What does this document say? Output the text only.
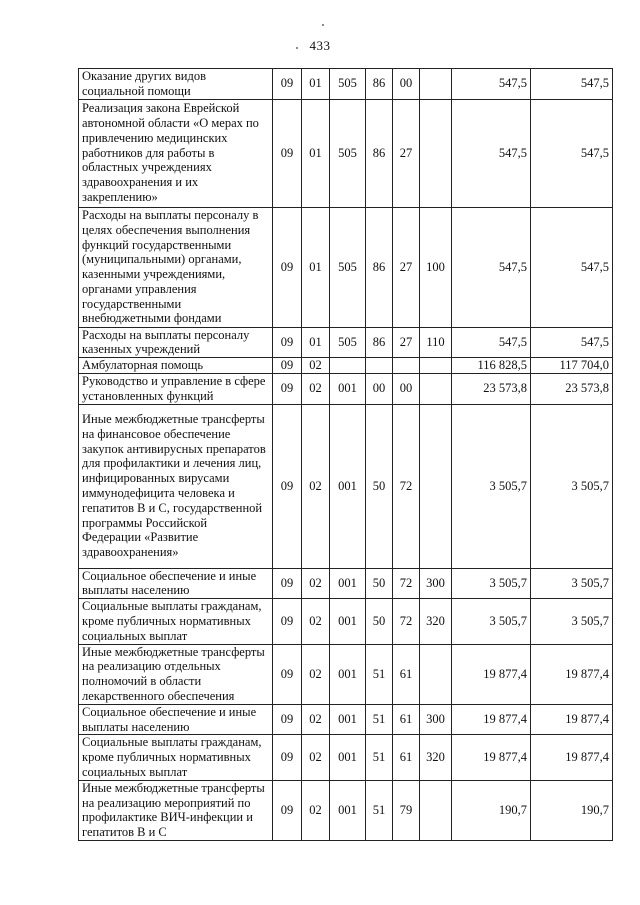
433
Оказание других видов социальной помощи	09	01	505	86	00		547,5	547,5
Реализация закона Еврейской автономной области «О мерах по привлечению медицинских работников для работы в областных учреждениях здравоохранения и их закреплению»	09	01	505	86	27		547,5	547,5
Расходы на выплаты персоналу в целях обеспечения выполнения функций государственными (муниципальными) органами, казенными учреждениями, органами управления государственными внебюджетными фондами	09	01	505	86	27	100	547,5	547,5
Расходы на выплаты персоналу казенных учреждений	09	01	505	86	27	110	547,5	547,5
Амбулаторная помощь	09	02					116 828,5	117 704,0
Руководство и управление в сфере установленных функций	09	02	001	00	00		23 573,8	23 573,8
Иные межбюджетные трансферты на финансовое обеспечение закупок антивирусных препаратов для профилактики и лечения лиц, инфицированных вирусами иммунодефицита человека и гепатитов В и С, государственной программы Российской Федерации «Развитие здравоохранения»	09	02	001	50	72		3 505,7	3 505,7
Социальное обеспечение и иные выплаты населению	09	02	001	50	72	300	3 505,7	3 505,7
Социальные выплаты гражданам, кроме публичных нормативных социальных выплат	09	02	001	50	72	320	3 505,7	3 505,7
Иные межбюджетные трансферты на реализацию отдельных полномочий в области лекарственного обеспечения	09	02	001	51	61		19 877,4	19 877,4
Социальное обеспечение и иные выплаты населению	09	02	001	51	61	300	19 877,4	19 877,4
Социальные выплаты гражданам, кроме публичных нормативных социальных выплат	09	02	001	51	61	320	19 877,4	19 877,4
Иные межбюджетные трансферты на реализацию мероприятий по профилактике ВИЧ-инфекции и гепатитов В и С	09	02	001	51	79		190,7	190,7
